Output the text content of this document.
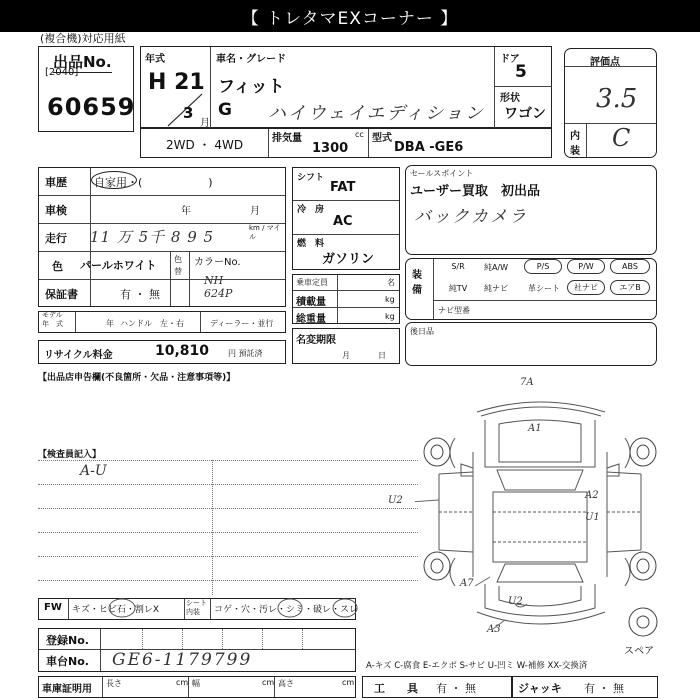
【 トレタマEXコーナー 】
(複合機)対応用紙
出品No.
[2040]
60659
年式
H 21
3
月
車名・グレード
フィット
G ハイウェイエディション
ドア
5
形状
ワゴン
評価点
3.5
内
装 C
2WD ・ 4WD	排気量	cc
1300
型式
DBA -GE6
車歴 自家用・(　　　　　　)
車検	年	月
走行 11 万 5千 8 9 5	km / マイル
色 パールホワイト 色
替
カラーNo.
NH 624P
保証書	有 ・ 無
モデル
年　式	年 ハンドル　左・右	ディーラー・並行
リサイクル料金	10,810 円 預託済
シフト
FAT
冷　房
AC
燃　料
ガソリン
乗車定員	名
積載量	kg
総重量	kg
名変期限
月日
セールスポイント
ユーザー買取　初出品
バックカメラ
装備
S/R	純A/W	P/S	P/W	ABS
純TV	純ナビ	革シート	社ナビ	エアB
ナビ型番
後日品
【出品店申告欄(不良箇所・欠品・注意事項等)】
【検査員記入】
A-U
7A
A1
U2	A2
U1
A7
U2
A3
スペア
A-キズ C-腐食 E-エクボ S-サビ U-凹ミ W-補修 XX-交換済
FW キズ・ヒビ石・割レX
シート
内装 コゲ・穴・汚レ・シミ・破レ・スレ
登録No.
車台No. GE6-1179799
車庫証明用
長さ	cm 幅	cm 高さ	cm 工　　具 有 ・ 無	ジャッキ 有 ・ 無
